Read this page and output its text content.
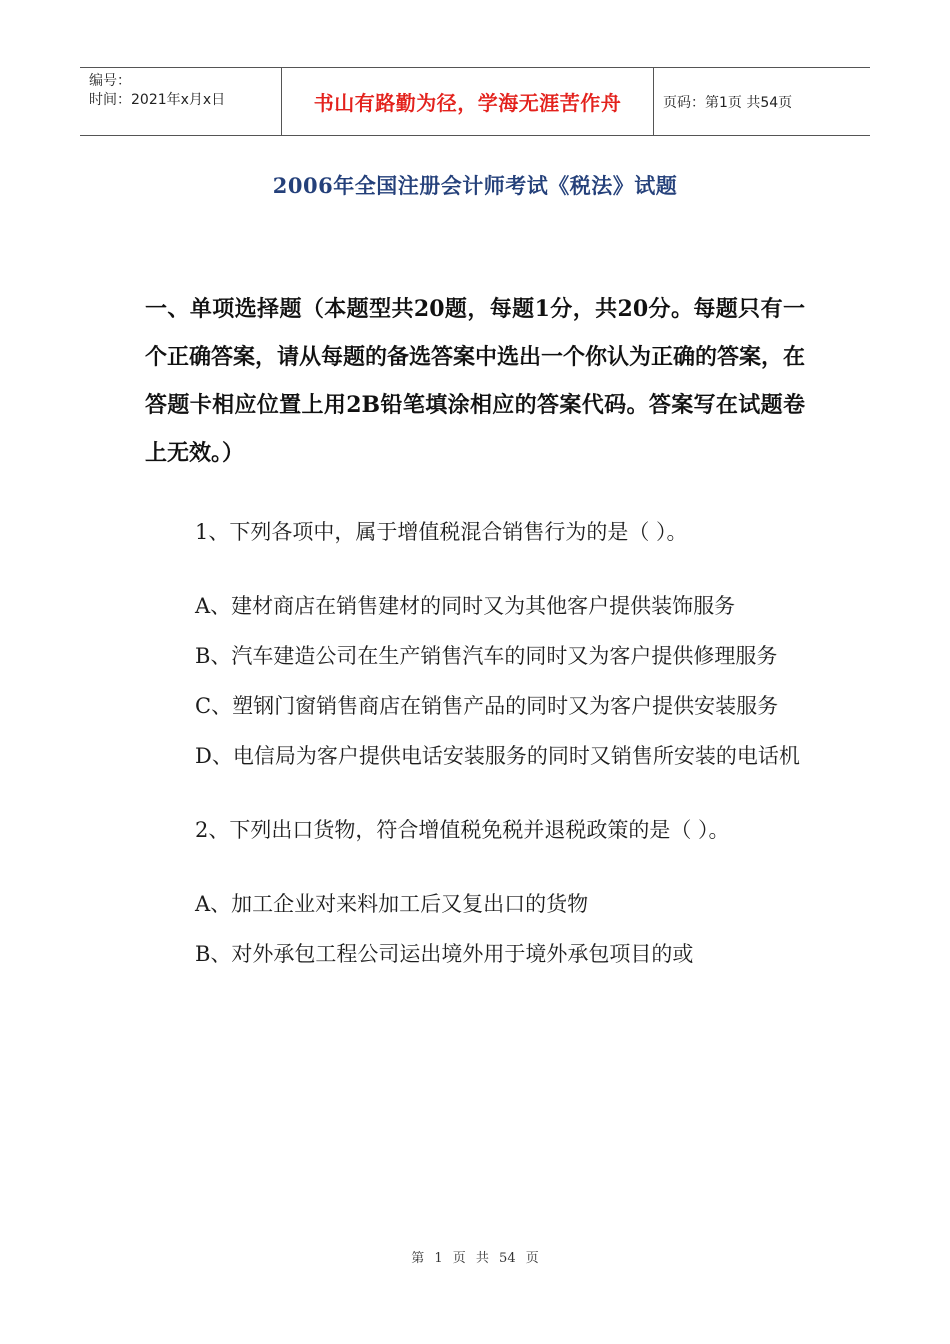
编号：
时间：2021年x月x日	书山有路勤为径，学海无涯苦作舟	页码：第1页 共54页
2006年全国注册会计师考试《税法》试题

一、单项选择题（本题型共20题，每题1分，共20分。每题只有一个正确答案，请从每题的备选答案中选出一个你认为正确的答案，在答题卡相应位置上用2B铅笔填涂相应的答案代码。答案写在试题卷上无效。）

1、下列各项中，属于增值税混合销售行为的是（ ）。

A、建材商店在销售建材的同时又为其他客户提供装饰服务

B、汽车建造公司在生产销售汽车的同时又为客户提供修理服务

C、塑钢门窗销售商店在销售产品的同时又为客户提供安装服务

D、电信局为客户提供电话安装服务的同时又销售所安装的电话机

2、下列出口货物，符合增值税免税并退税政策的是（ ）。

A、加工企业对来料加工后又复出口的货物

B、对外承包工程公司运出境外用于境外承包项目的或

第 1 页 共 54 页
